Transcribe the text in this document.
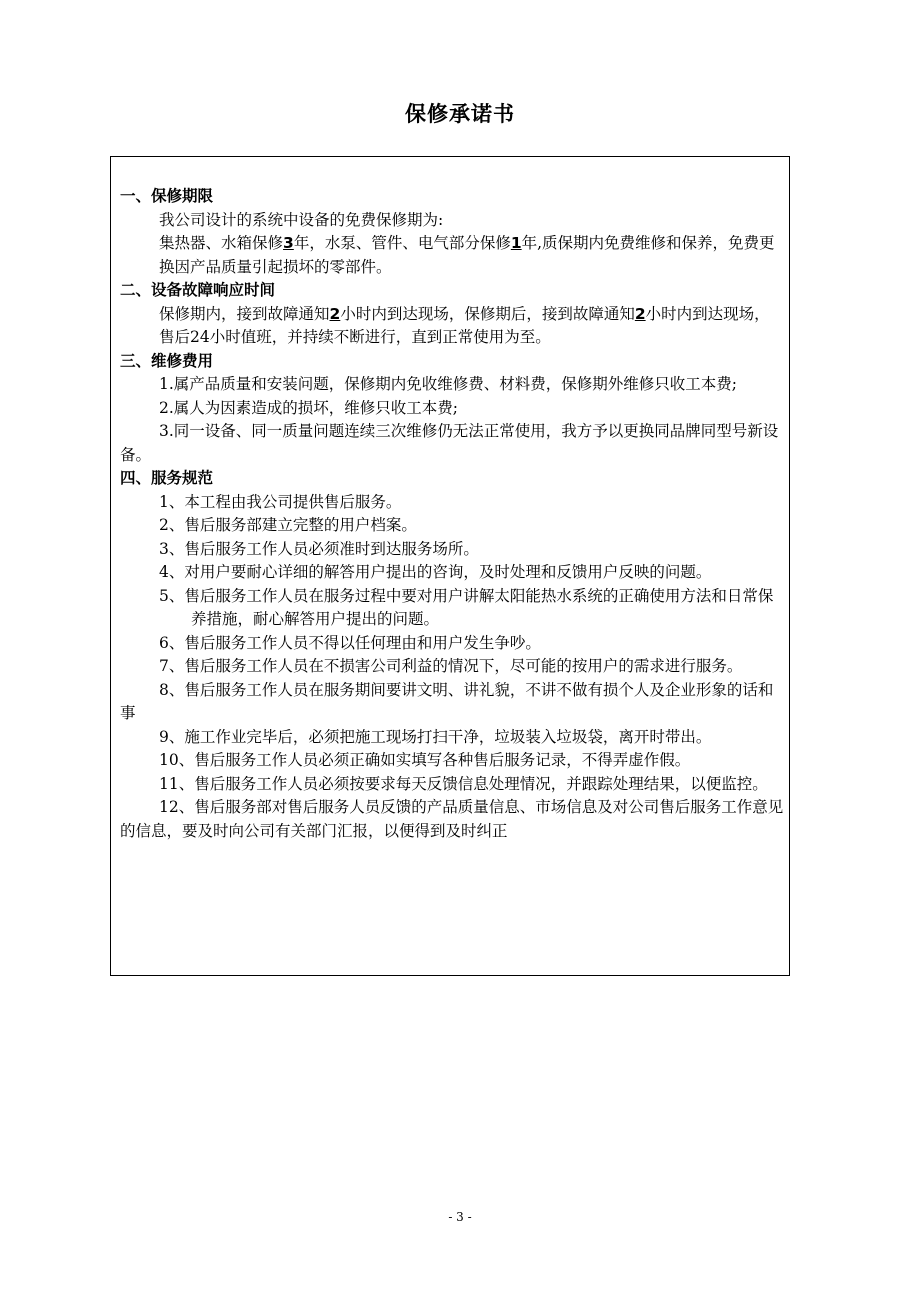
保修承诺书
一、保修期限

我公司设计的系统中设备的免费保修期为:

集热器、水箱保修3年，水泵、管件、电气部分保修1年,质保期内免费维修和保养，免费更换因产品质量引起损坏的零部件。

二、设备故障响应时间

保修期内，接到故障通知2小时内到达现场，保修期后，接到故障通知2小时内到达现场，售后24小时值班，并持续不断进行，直到正常使用为至。

三、维修费用

1.属产品质量和安装问题，保修期内免收维修费、材料费，保修期外维修只收工本费;

2.属人为因素造成的损坏，维修只收工本费;

3.同一设备、同一质量问题连续三次维修仍无法正常使用，我方予以更换同品牌同型号新设备。

四、服务规范

1、本工程由我公司提供售后服务。

2、售后服务部建立完整的用户档案。

3、售后服务工作人员必须准时到达服务场所。

4、对用户要耐心详细的解答用户提出的咨询，及时处理和反馈用户反映的问题。

5、售后服务工作人员在服务过程中要对用户讲解太阳能热水系统的正确使用方法和日常保养措施，耐心解答用户提出的问题。

6、售后服务工作人员不得以任何理由和用户发生争吵。

7、售后服务工作人员在不损害公司利益的情况下，尽可能的按用户的需求进行服务。

8、售后服务工作人员在服务期间要讲文明、讲礼貌，不讲不做有损个人及企业形象的话和事

9、施工作业完毕后，必须把施工现场打扫干净，垃圾装入垃圾袋，离开时带出。

10、售后服务工作人员必须正确如实填写各种售后服务记录，不得弄虚作假。

11、售后服务工作人员必须按要求每天反馈信息处理情况，并跟踪处理结果，以便监控。

12、售后服务部对售后服务人员反馈的产品质量信息、市场信息及对公司售后服务工作意见的信息，要及时向公司有关部门汇报，以便得到及时纠正

- 3 -
